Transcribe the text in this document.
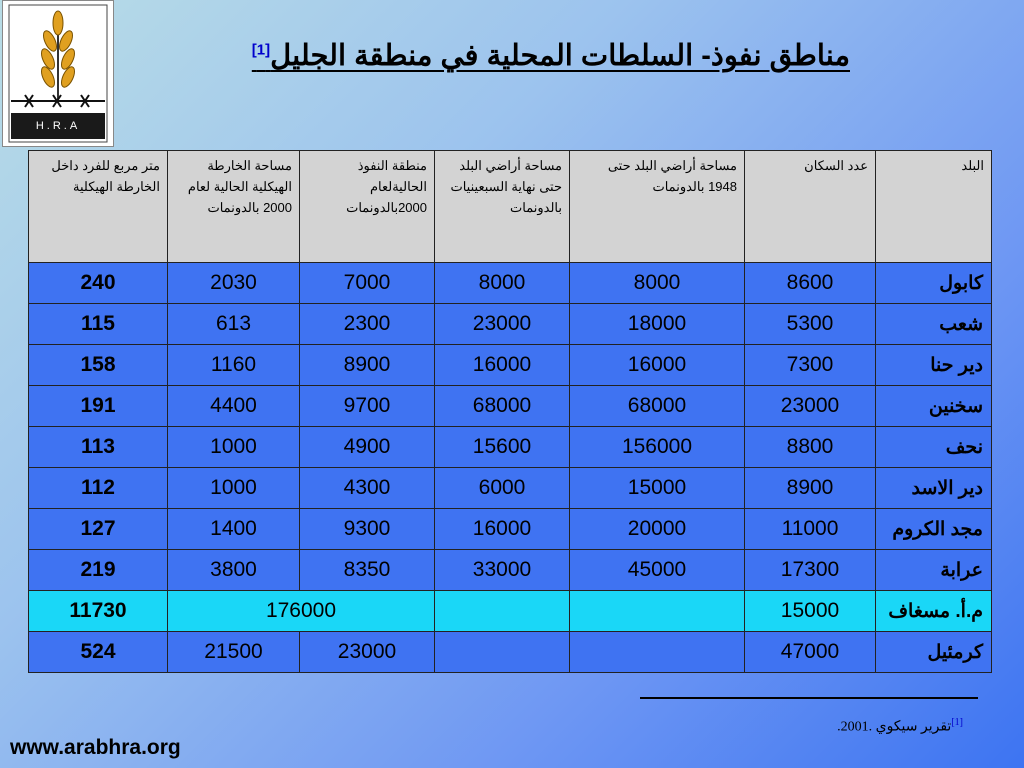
H.R.A
مناطق نفوذ- السلطات المحلية في منطقة الجليل[1]
البلد	عدد السكان	مساحة أراضي البلد حتى 1948 بالدونمات	مساحة أراضي البلد حتى نهاية السبعينيات بالدونمات	منطقة النفوذ الحاليةلعام 2000بالدونمات	مساحة الخارطة الهيكلية الحالية لعام 2000 بالدونمات	متر مربع للفرد داخل الخارطة الهيكلية
كابول	8600	8000	8000	7000	2030	240
شعب	5300	18000	23000	2300	613	115
دير حنا	7300	16000	16000	8900	1160	158
سخنين	23000	68000	68000	9700	4400	191
نحف	8800	156000	15600	4900	1000	113
دير الاسد	8900	15000	6000	4300	1000	112
مجد الكروم	11000	20000	16000	9300	1400	127
عرابة	17300	45000	33000	8350	3800	219
م.أ. مسغاف	15000			176000		11730
كرمئيل	47000			23000	21500	524
[1]تقرير سيكوي .2001.
www.arabhra.org
